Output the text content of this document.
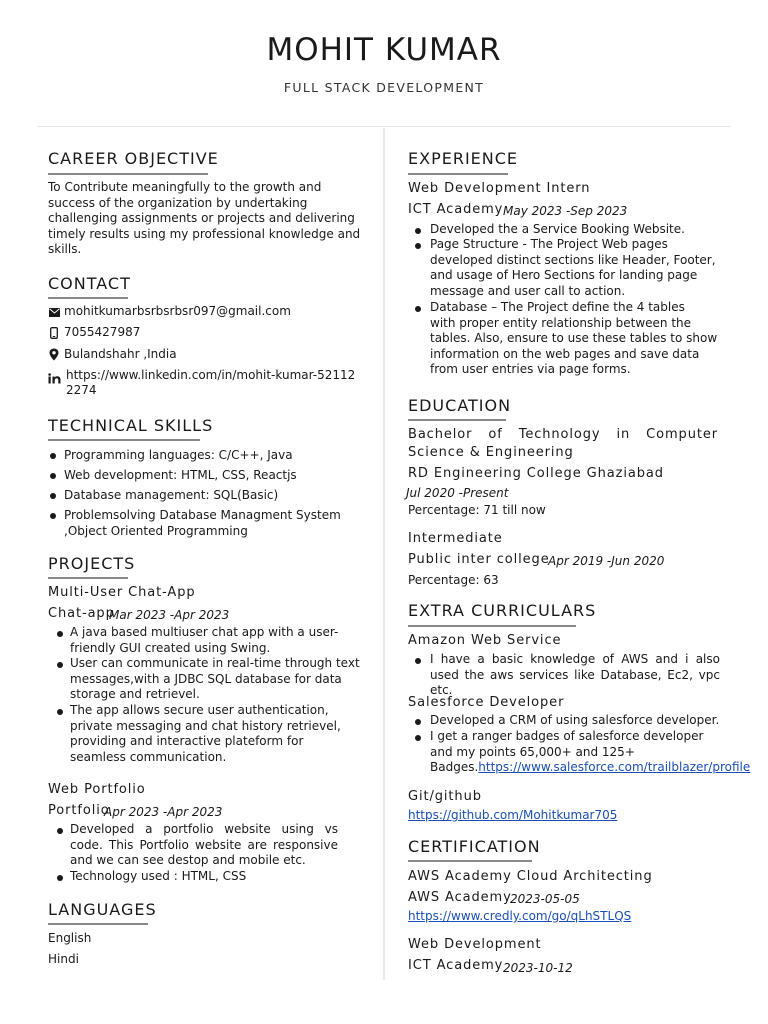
MOHIT KUMAR
FULL STACK DEVELOPMENT
CAREER OBJECTIVE
To Contribute meaningfully to the growth and
success of the organization by undertaking
challenging assignments or projects and delivering
timely results using my professional knowledge and
skills.
CONTACT
mohitkumarbsrbsrbsr097@gmail.com
7055427987
Bulandshahr ,India
https://www.linkedin.com/in/mohit-kumar-52112
2274
TECHNICAL SKILLS
Programming languages: C/C++, Java
Web development: HTML, CSS, Reactjs
Database management: SQL(Basic)
Problemsolving Database Managment System
,Object Oriented Programming
PROJECTS
Multi-User Chat-App
Chat-app
Mar 2023 -Apr 2023
A java based multiuser chat app with a user-
friendly GUI created using Swing.
User can communicate in real-time through text
messages,with a JDBC SQL database for data
storage and retrievel.
The app allows secure user authentication,
private messaging and chat history retrievel,
providing and interactive plateform for
seamless communication.
Web Portfolio
Portfolio
Apr 2023 -Apr 2023
Developed a portfolio website using vs
code. This Portfolio website are responsive
and we can see destop and mobile etc.
Technology used : HTML, CSS
LANGUAGES
English
Hindi
EXPERIENCE
Web Development Intern
ICT Academy May 2023 -Sep 2023
Developed the a Service Booking Website.
Page Structure - The Project Web pages
developed distinct sections like Header, Footer,
and usage of Hero Sections for landing page
message and user call to action.
Database – The Project define the 4 tables
with proper entity relationship between the
tables. Also, ensure to use these tables to show
information on the web pages and save data
from user entries via page forms.
EDUCATION
Bachelor of Technology in Computer
Science & Engineering
RD Engineering College Ghaziabad
Jul 2020 -Present
Percentage: 71 till now
Intermediate
Public inter college
Apr 2019 -Jun 2020
Percentage: 63
EXTRA CURRICULARS
Amazon Web Service
I have a basic knowledge of AWS and i also
used the aws services like Database, Ec2, vpc
etc.
Salesforce Developer
Developed a CRM of using salesforce developer.
I get a ranger badges of salesforce developer
and my points 65,000+ and 125+
Badges.https://www.salesforce.com/trailblazer/profile
Git/github
https://github.com/Mohitkumar705
CERTIFICATION
AWS Academy Cloud Architecting
AWS Academy
2023-05-05
https://www.credly.com/go/qLhSTLQS
Web Development
ICT Academy 2023-10-12
